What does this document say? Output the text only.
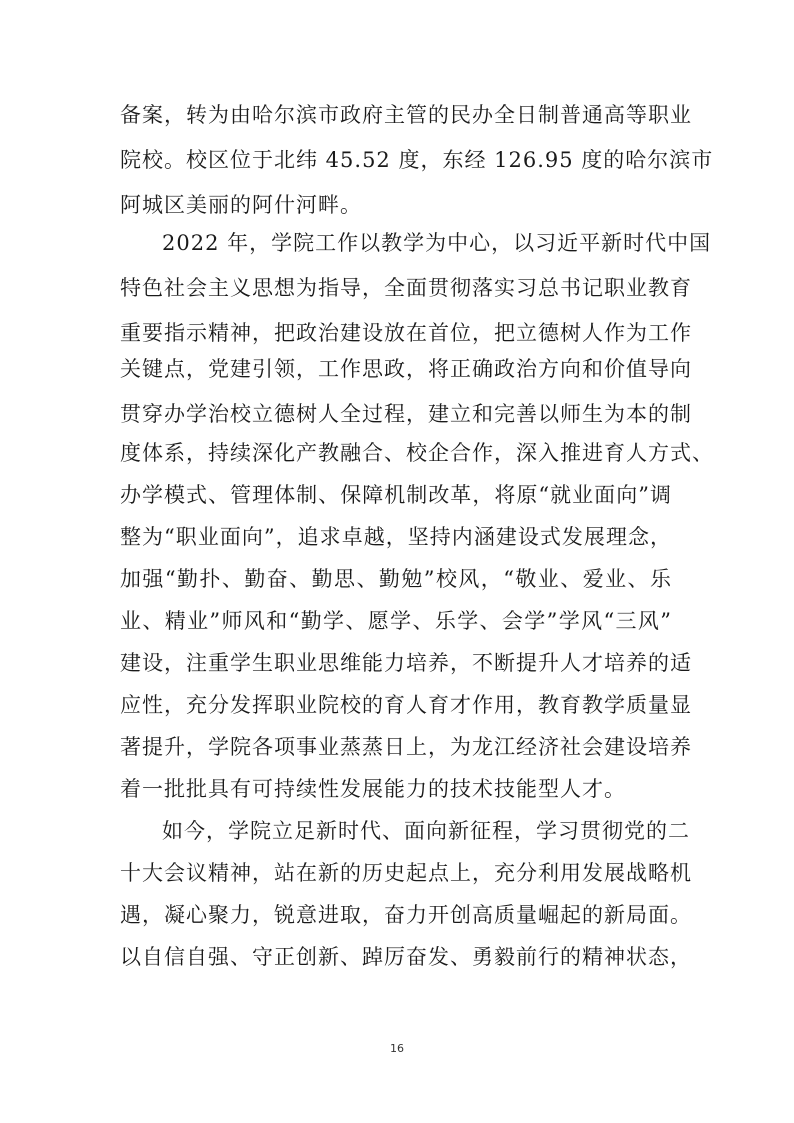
备案，转为由哈尔滨市政府主管的民办全日制普通高等职业
院校。校区位于北纬 45.52 度，东经 126.95 度的哈尔滨市
阿城区美丽的阿什河畔。
2022 年，学院工作以教学为中心，以习近平新时代中国
特色社会主义思想为指导，全面贯彻落实习总书记职业教育
重要指示精神，把政治建设放在首位，把立德树人作为工作
关键点，党建引领，工作思政，将正确政治方向和价值导向
贯穿办学治校立德树人全过程，建立和完善以师生为本的制
度体系，持续深化产教融合、校企合作，深入推进育人方式、
办学模式、管理体制、保障机制改革，将原“就业面向”调
整为“职业面向”，追求卓越，坚持内涵建设式发展理念，
加强“勤扑、勤奋、勤思、勤勉”校风，“敬业、爱业、乐
业、精业”师风和“勤学、愿学、乐学、会学”学风“三风”
建设，注重学生职业思维能力培养，不断提升人才培养的适
应性，充分发挥职业院校的育人育才作用，教育教学质量显
著提升，学院各项事业蒸蒸日上，为龙江经济社会建设培养
着一批批具有可持续性发展能力的技术技能型人才。
如今，学院立足新时代、面向新征程，学习贯彻党的二
十大会议精神，站在新的历史起点上，充分利用发展战略机
遇，凝心聚力，锐意进取，奋力开创高质量崛起的新局面。
以自信自强、守正创新、踔厉奋发、勇毅前行的精神状态，
16
